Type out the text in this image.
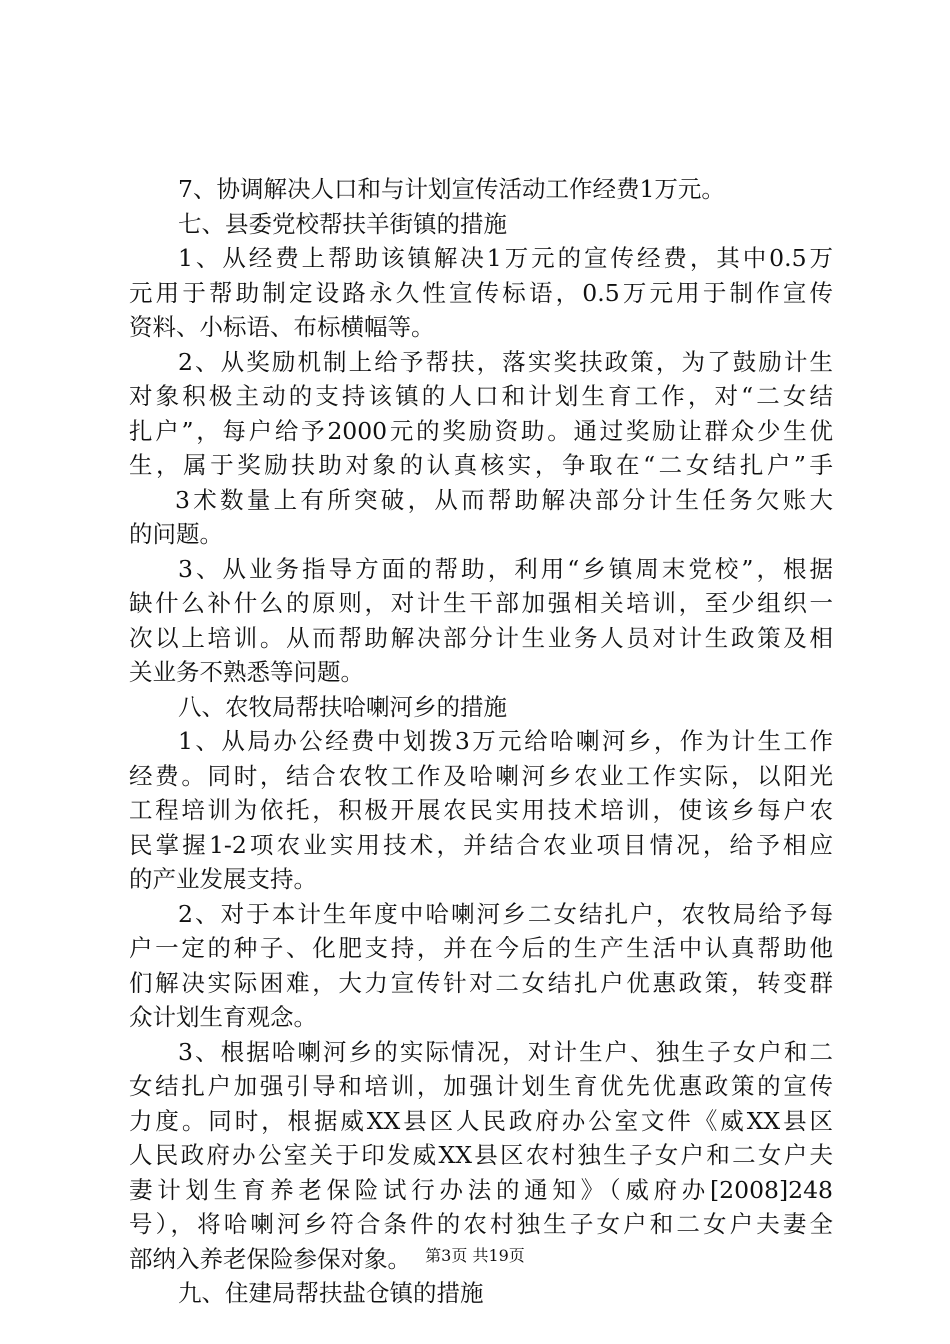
7、协调解决人口和与计划宣传活动工作经费1万元。
七、县委党校帮扶羊街镇的措施
1、从经费上帮助该镇解决1万元的宣传经费，其中0.5万
元用于帮助制定设路永久性宣传标语，0.5万元用于制作宣传
资料、小标语、布标横幅等。
2、从奖励机制上给予帮扶，落实奖扶政策，为了鼓励计生
对象积极主动的支持该镇的人口和计划生育工作，对“二女结
扎户”，每户给予2000元的奖励资助。通过奖励让群众少生优
生，属于奖励扶助对象的认真核实，争取在“二女结扎户”手
3术数量上有所突破，从而帮助解决部分计生任务欠账大
的问题。
3、从业务指导方面的帮助，利用“乡镇周末党校”，根据
缺什么补什么的原则，对计生干部加强相关培训，至少组织一
次以上培训。从而帮助解决部分计生业务人员对计生政策及相
关业务不熟悉等问题。
八、农牧局帮扶哈喇河乡的措施
1、从局办公经费中划拨3万元给哈喇河乡，作为计生工作
经费。同时，结合农牧工作及哈喇河乡农业工作实际，以阳光
工程培训为依托，积极开展农民实用技术培训，使该乡每户农
民掌握1-2项农业实用技术，并结合农业项目情况，给予相应
的产业发展支持。
2、对于本计生年度中哈喇河乡二女结扎户，农牧局给予每
户一定的种子、化肥支持，并在今后的生产生活中认真帮助他
们解决实际困难，大力宣传针对二女结扎户优惠政策，转变群
众计划生育观念。
3、根据哈喇河乡的实际情况，对计生户、独生子女户和二
女结扎户加强引导和培训，加强计划生育优先优惠政策的宣传
力度。同时，根据威XX县区人民政府办公室文件《威XX县区
人民政府办公室关于印发威XX县区农村独生子女户和二女户夫
妻计划生育养老保险试行办法的通知》（威府办[2008]248
号），将哈喇河乡符合条件的农村独生子女户和二女户夫妻全
部纳入养老保险参保对象。
九、住建局帮扶盐仓镇的措施
第3页 共19页
